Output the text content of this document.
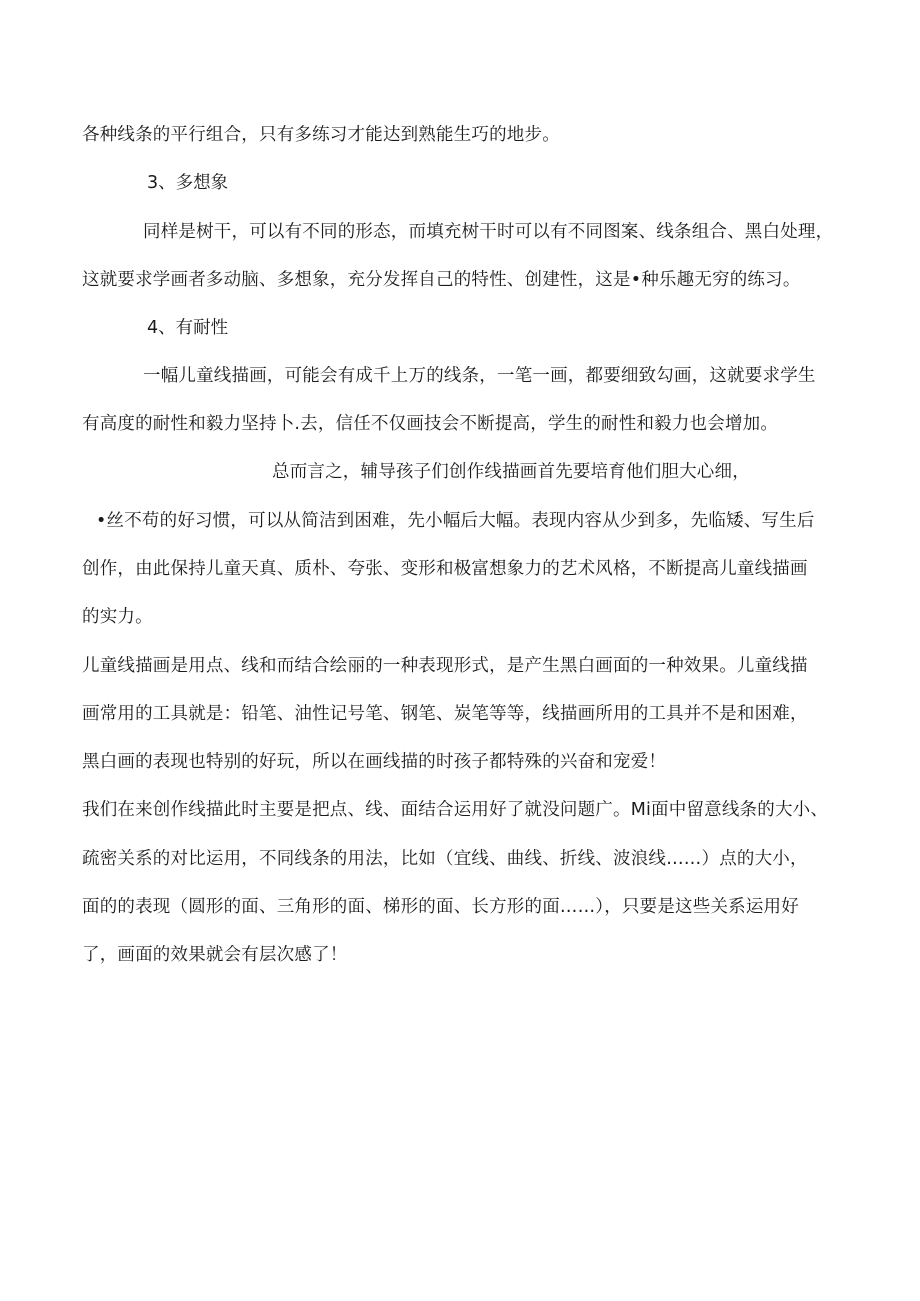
各种线条的平行组合，只有多练习才能达到熟能生巧的地步。
3、多想象
同样是树干，可以有不同的形态，而填充树干时可以有不同图案、线条组合、黑白处理，
这就要求学画者多动脑、多想象，充分发挥自己的特性、创建性，这是•种乐趣无穷的练习。
4、有耐性
一幅儿童线描画，可能会有成千上万的线条，一笔一画，都要细致勾画，这就要求学生
有高度的耐性和毅力坚持卜.去，信任不仅画技会不断提高，学生的耐性和毅力也会增加。
总而言之，辅导孩子们创作线描画首先要培育他们胆大心细，
•丝不苟的好习惯，可以从简洁到困难，先小幅后大幅。表现内容从少到多，先临矮、写生后
创作，由此保持儿童天真、质朴、夸张、变形和极富想象力的艺术风格，不断提高儿童线描画
的实力。
儿童线描画是用点、线和而结合绘丽的一种表现形式，是产生黑白画面的一种效果。儿童线描
画常用的工具就是：铅笔、油性记号笔、钢笔、炭笔等等，线描画所用的工具并不是和困难，
黑白画的表现也特别的好玩，所以在画线描的时孩子都特殊的兴奋和宠爱！
我们在来创作线描此时主要是把点、线、面结合运用好了就没问题广。Mi面中留意线条的大小、
疏密关系的对比运用，不同线条的用法，比如（宜线、曲线、折线、波浪线……）点的大小，
面的的表现（圆形的面、三角形的面、梯形的面、长方形的面……），只要是这些关系运用好
了，画面的效果就会有层次感了！
